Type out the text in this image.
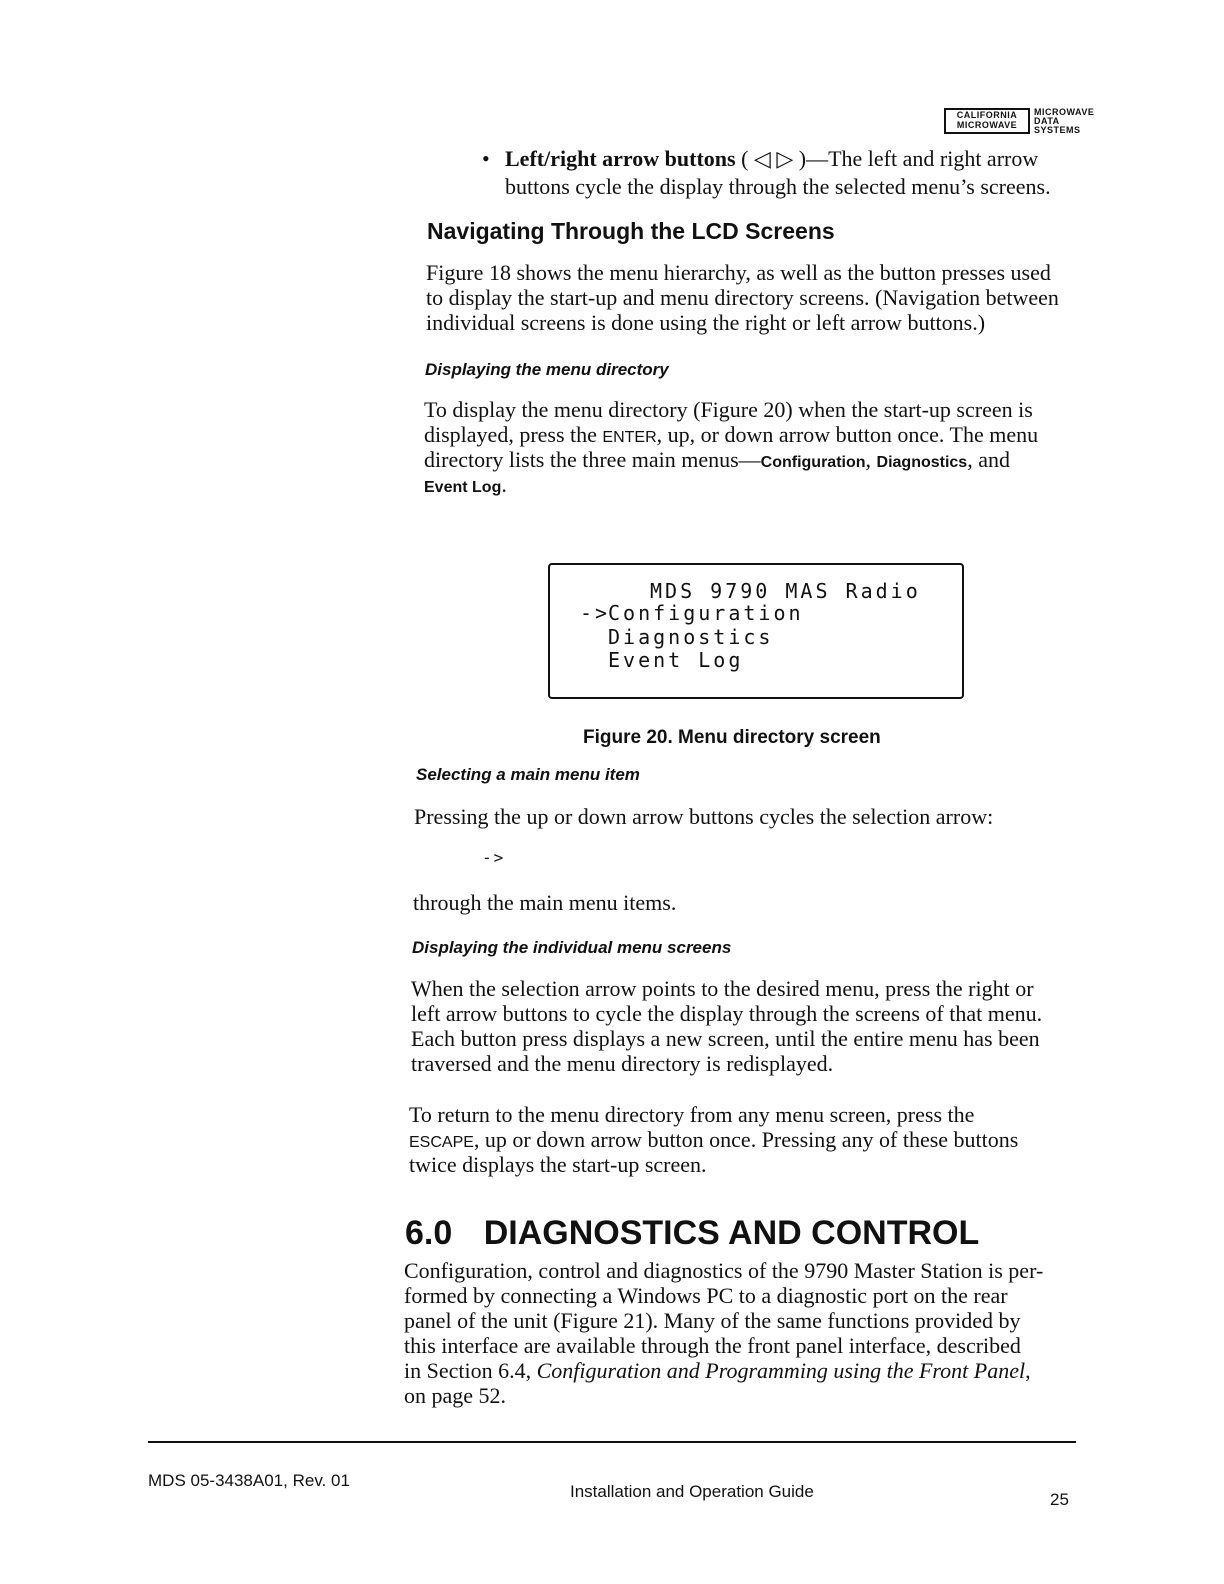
CALIFORNIA
MICROWAVE
MICROWAVE
DATA
SYSTEMS
• Left/right arrow buttons ( ◁ ▷ )—The left and right arrow
buttons cycle the display through the selected menu’s screens.
Navigating Through the LCD Screens
Figure 18 shows the menu hierarchy, as well as the button presses used
to display the start-up and menu directory screens. (Navigation between
individual screens is done using the right or left arrow buttons.)
Displaying the menu directory
To display the menu directory (Figure 20) when the start-up screen is
displayed, press the ENTER, up, or down arrow button once. The menu
directory lists the three main menus—Configuration, Diagnostics, and
Event Log.
MDS 9790 MAS Radio
->
Configuration
Diagnostics
Event Log
Figure 20. Menu directory screen
Selecting a main menu item
Pressing the up or down arrow buttons cycles the selection arrow:
->
through the main menu items.
Displaying the individual menu screens
When the selection arrow points to the desired menu, press the right or
left arrow buttons to cycle the display through the screens of that menu.
Each button press displays a new screen, until the entire menu has been
traversed and the menu directory is redisplayed.
To return to the menu directory from any menu screen, press the
ESCAPE, up or down arrow button once. Pressing any of these buttons
twice displays the start-up screen.
6.0 DIAGNOSTICS AND CONTROL
Configuration, control and diagnostics of the 9790 Master Station is per-
formed by connecting a Windows PC to a diagnostic port on the rear
panel of the unit (Figure 21). Many of the same functions provided by
this interface are available through the front panel interface, described
in Section 6.4, Configuration and Programming using the Front Panel,
on page 52.
MDS 05-3438A01, Rev. 01
Installation and Operation Guide	25
